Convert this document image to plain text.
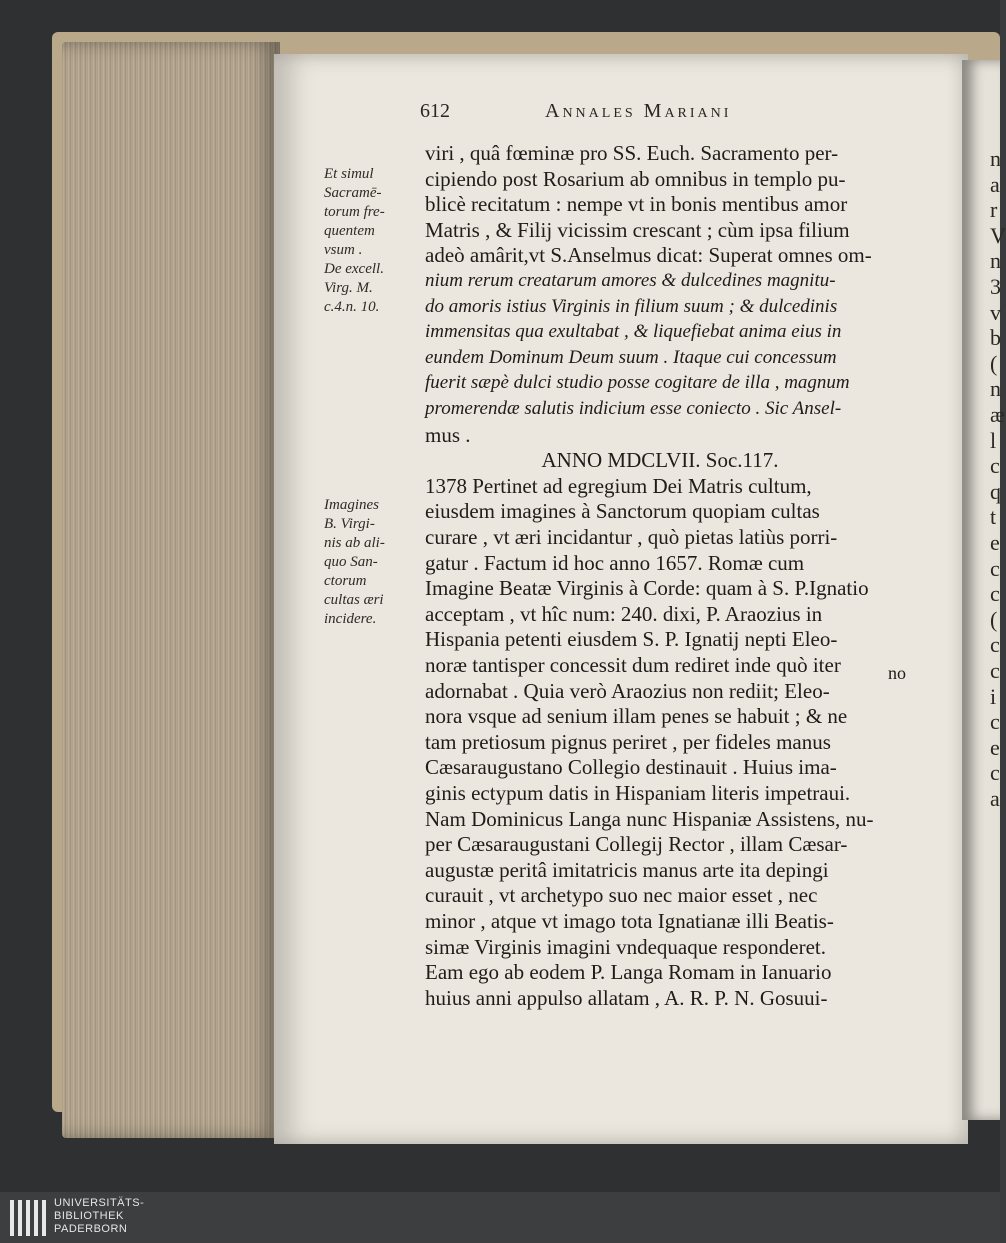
n
a
r
V
n
3
v
b
(
n
æ
l
c
q
t
e
c
c
(
c
c
i
c
e
c
a
612	Annales Mariani
Et simul
Sacramē-
torum fre-
quentem
vsum .
De excell.
Virg. M.
c.4.n. 10.
Imagines
B. Virgi-
nis ab ali-
quo San-
ctorum
cultas æri
incidere.
viri , quâ fœminæ pro SS. Euch. Sacramento per-
cipiendo post Rosarium ab omnibus in templo pu-
blicè recitatum : nempe vt in bonis mentibus amor
Matris , & Filij vicissim crescant ; cùm ipsa filium
adeò amârit,vt S.Anselmus dicat: Superat omnes om-
nium rerum creatarum amores & dulcedines magnitu-
do amoris istius Virginis in filium suum ; & dulcedinis
immensitas qua exultabat , & liquefiebat anima eius in
eundem Dominum Deum suum . Itaque cui concessum
fuerit sæpè dulci studio posse cogitare de illa , magnum
promerendæ salutis indicium esse coniecto . Sic Ansel-
mus .
ANNO MDCLVII. Soc.117.
1378 Pertinet ad egregium Dei Matris cultum,
eiusdem imagines à Sanctorum quopiam cultas
curare , vt æri incidantur , quò pietas latiùs porri-
gatur . Factum id hoc anno 1657. Romæ cum
Imagine Beatæ Virginis à Corde: quam à S. P.Ignatio
acceptam , vt hîc num: 240. dixi, P. Araozius in
Hispania petenti eiusdem S. P. Ignatij nepti Eleo-
noræ tantisper concessit dum rediret inde quò iter
adornabat . Quia verò Araozius non rediit; Eleo-
nora vsque ad senium illam penes se habuit ; & ne
tam pretiosum pignus periret , per fideles manus
Cæsaraugustano Collegio destinauit . Huius ima-
ginis ectypum datis in Hispaniam literis impetraui.
Nam Dominicus Langa nunc Hispaniæ Assistens, nu-
per Cæsaraugustani Collegij Rector , illam Cæsar-
augustæ peritâ imitatricis manus arte ita depingi
curauit , vt archetypo suo nec maior esset , nec
minor , atque vt imago tota Ignatianæ illi Beatis-
simæ Virginis imagini vndequaque responderet.
Eam ego ab eodem P. Langa Romam in Ianuario
huius anni appulso allatam , A. R. P. N. Gosuui-
no
UNIVERSITÄTS-
BIBLIOTHEK
PADERBORN
